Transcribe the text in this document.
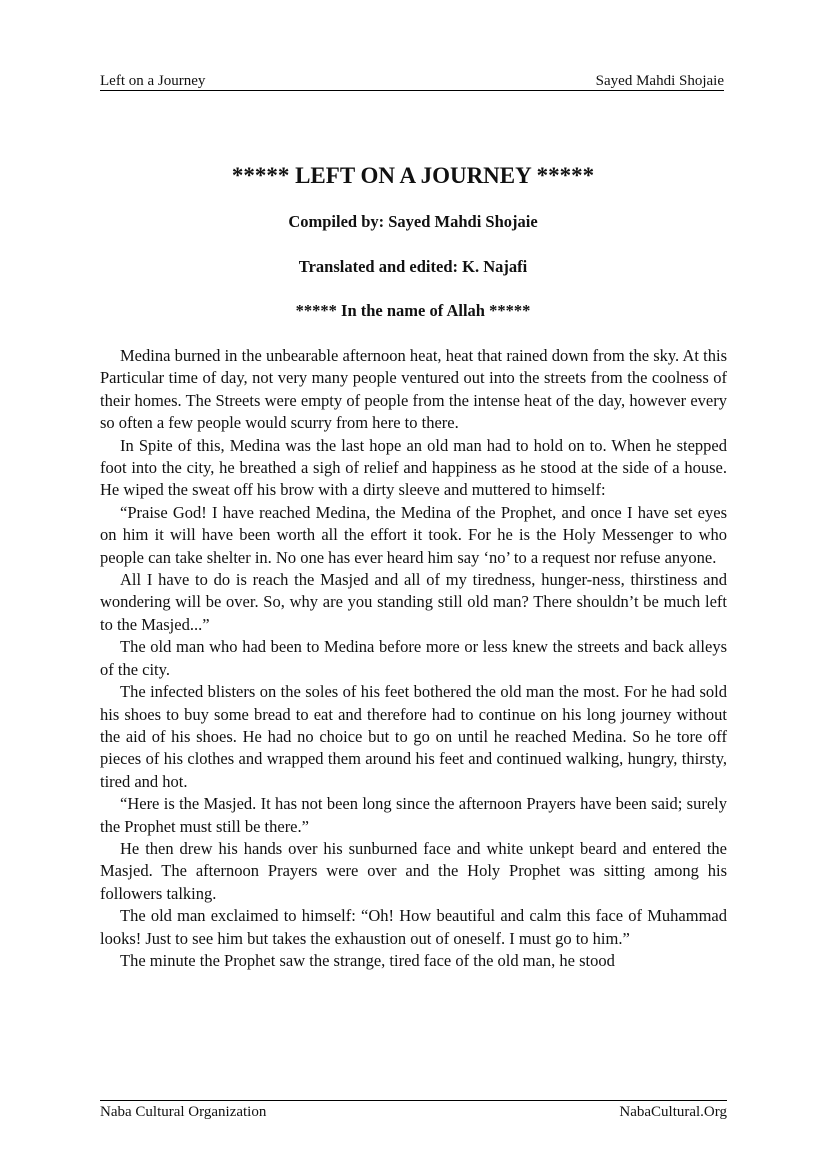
Left on a Journey	Sayed Mahdi Shojaie
***** LEFT ON A JOURNEY *****
Compiled by: Sayed Mahdi Shojaie
Translated and edited: K. Najafi
***** In the name of Allah *****

Medina burned in the unbearable afternoon heat, heat that rained down from the sky. At this Particular time of day, not very many people ventured out into the streets from the coolness of their homes. The Streets were empty of people from the intense heat of the day, however every so often a few people would scurry from here to there.

In Spite of this, Medina was the last hope an old man had to hold on to. When he stepped foot into the city, he breathed a sigh of relief and happiness as he stood at the side of a house. He wiped the sweat off his brow with a dirty sleeve and muttered to himself:

“Praise God! I have reached Medina, the Medina of the Prophet, and once I have set eyes on him it will have been worth all the effort it took. For he is the Holy Messenger to who people can take shelter in. No one has ever heard him say ‘no’ to a request nor refuse anyone.

All I have to do is reach the Masjed and all of my tiredness, hunger-ness, thirstiness and wondering will be over. So, why are you standing still old man? There shouldn’t be much left to the Masjed...”

The old man who had been to Medina before more or less knew the streets and back alleys of the city.

The infected blisters on the soles of his feet bothered the old man the most. For he had sold his shoes to buy some bread to eat and therefore had to continue on his long journey without the aid of his shoes. He had no choice but to go on until he reached Medina. So he tore off pieces of his clothes and wrapped them around his feet and continued walking, hungry, thirsty, tired and hot.

“Here is the Masjed. It has not been long since the afternoon Prayers have been said; surely the Prophet must still be there.”

He then drew his hands over his sunburned face and white unkept beard and entered the Masjed. The afternoon Prayers were over and the Holy Prophet was sitting among his followers talking.

The old man exclaimed to himself: “Oh! How beautiful and calm this face of Muhammad looks! Just to see him but takes the exhaustion out of oneself. I must go to him.”

The minute the Prophet saw the strange, tired face of the old man, he stood

Naba Cultural Organization	NabaCultural.Org
